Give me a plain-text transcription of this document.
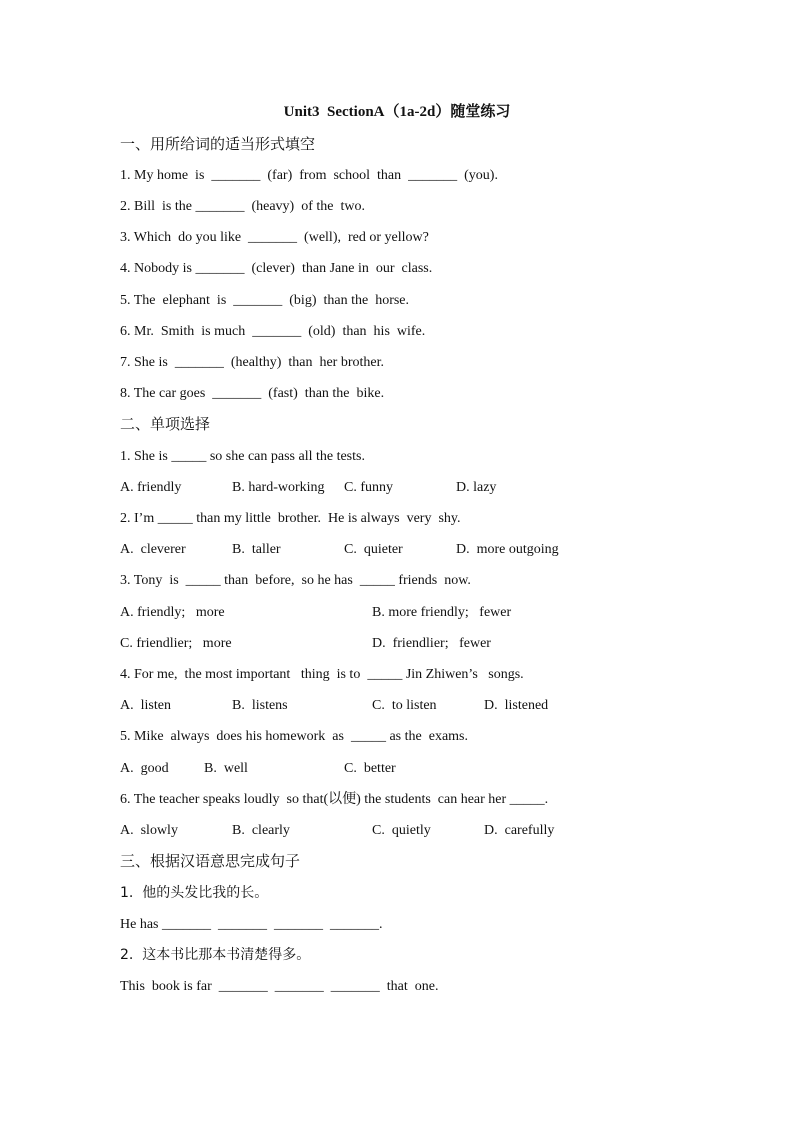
Unit3  SectionA（1a-2d）随堂练习
一、用所给词的适当形式填空
1. My home  is  _______  (far)  from  school  than  _______  (you).
2. Bill  is the _______  (heavy)  of the  two.
3. Which  do you like  _______  (well),  red or yellow?
4. Nobody is _______  (clever)  than Jane in  our  class.
5. The  elephant  is  _______  (big)  than the  horse.
6. Mr.  Smith  is much  _______  (old)  than  his  wife.
7. She is  _______  (healthy)  than  her brother.
8. The car goes  _______  (fast)  than the  bike.
二、单项选择
1. She is _____ so she can pass all the tests.
A. friendly	B. hard-working C. funny	D. lazy
2. I’m _____ than my little  brother.  He is always  very  shy.
A.  cleverer	B.  taller	C.  quieter	D.  more outgoing
3. Tony  is  _____ than  before,  so he has  _____ friends  now.
A. friendly;   more	B. more friendly;   fewer
C. friendlier;   more	D.  friendlier;   fewer
4. For me,  the most important   thing  is to  _____ Jin Zhiwen’s   songs.
A.  listen	B.  listens	C.  to listen	D.  listened
5. Mike  always  does his homework  as  _____ as the  exams.
A.  good	B.  well	C.  better
6. The teacher speaks loudly  so that(以便) the students  can hear her _____.
A.  slowly	B.  clearly	C.  quietly	D.  carefully
三、根据汉语意思完成句子
1.  他的头发比我的长。
He has _______  _______  _______  _______.
2.  这本书比那本书清楚得多。
This  book is far  _______  _______  _______  that  one.
